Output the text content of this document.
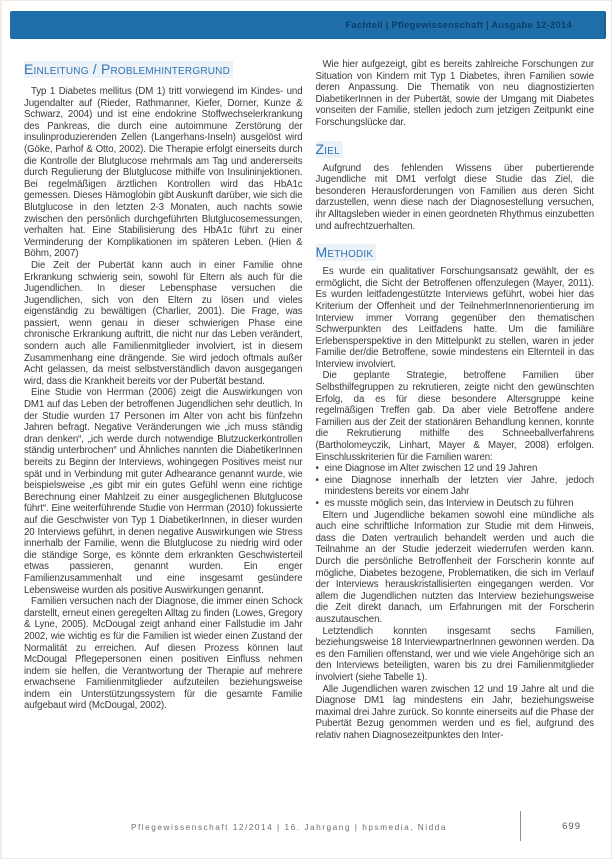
Fachteil | Pflegewissenschaft | Ausgabe 12-2014
Einleitung / Problemhintergrund

Typ 1 Diabetes mellitus (DM 1) tritt vorwiegend im Kindes- und Jugendalter auf (Rieder, Rathmanner, Kiefer, Dorner, Kunze & Schwarz, 2004) und ist eine endokrine Stoffwechselerkrankung des Pankreas, die durch eine autoimmune Zerstörung der insulinproduzierenden Zellen (Langerhans-Inseln) ausgelöst wird (Göke, Parhof & Otto, 2002). Die Therapie erfolgt einerseits durch die Kontrolle der Blutglucose mehrmals am Tag und andererseits durch Regulierung der Blutglucose mithilfe von Insulininjektionen. Bei regelmäßigen ärztlichen Kontrollen wird das HbA1c gemessen. Dieses Hämoglobin gibt Auskunft darüber, wie sich die Blutglucose in den letzten 2-3 Monaten, auch nachts sowie zwischen den persönlich durchgeführten Blutglucosemessungen, verhalten hat. Eine Stabilisierung des HbA1c führt zu einer Verminderung der Komplikationen im späteren Leben. (Hien & Böhm, 2007)

Die Zeit der Pubertät kann auch in einer Familie ohne Erkrankung schwierig sein, sowohl für Eltern als auch für die Jugendlichen. In dieser Lebensphase versuchen die Jugendlichen, sich von den Eltern zu lösen und vieles eigenständig zu bewältigen (Charlier, 2001). Die Frage, was passiert, wenn genau in dieser schwierigen Phase eine chronische Erkrankung auftritt, die nicht nur das Leben verändert, sondern auch alle Familienmitglieder involviert, ist in diesem Zusammenhang eine drängende. Sie wird jedoch oftmals außer Acht gelassen, da meist selbstverständlich davon ausgegangen wird, dass die Krankheit bereits vor der Pubertät bestand.

Eine Studie von Herrman (2006) zeigt die Auswirkungen von DM1 auf das Leben der betroffenen Jugendlichen sehr deutlich. In der Studie wurden 17 Personen im Alter von acht bis fünfzehn Jahren befragt. Negative Veränderungen wie „ich muss ständig dran denken“, „ich werde durch notwendige Blutzuckerkontrollen ständig unterbrochen“ und Ähnliches nannten die DiabetikerInnen bereits zu Beginn der Interviews, wohingegen Positives meist nur spät und in Verbindung mit guter Adhearance genannt wurde, wie beispielsweise „es gibt mir ein gutes Gefühl wenn eine richtige Berechnung einer Mahlzeit zu einer ausgeglichenen Blutglucose führt“. Eine weiterführende Studie von Herrman (2010) fokussierte auf die Geschwister von Typ 1 DiabetikerInnen, in dieser wurden 20 Interviews geführt, in denen negative Auswirkungen wie Stress innerhalb der Familie, wenn die Blutglucose zu niedrig wird oder die ständige Sorge, es könnte dem erkrankten Geschwisterteil etwas passieren, genannt wurden. Ein enger Familienzusammenhalt und eine insgesamt gesündere Lebensweise wurden als positive Auswirkungen genannt.

Familien versuchen nach der Diagnose, die immer einen Schock darstellt, erneut einen geregelten Alltag zu finden (Lowes, Gregory & Lyne, 2005). McDougal zeigt anhand einer Fallstudie im Jahr 2002, wie wichtig es für die Familien ist wieder einen Zustand der Normalität zu erreichen. Auf diesen Prozess können laut McDougal Pflegepersonen einen positiven Einfluss nehmen indem sie helfen, die Verantwortung der Therapie auf mehrere erwachsene Familienmitglieder aufzuteilen beziehungsweise indem ein Unterstützungssystem für die gesamte Familie aufgebaut wird (McDougal, 2002).

Wie hier aufgezeigt, gibt es bereits zahlreiche Forschungen zur Situation von Kindern mit Typ 1 Diabetes, ihren Familien sowie deren Anpassung. Die Thematik von neu diagnostizierten DiabetikerInnen in der Pubertät, sowie der Umgang mit Diabetes vonseiten der Familie, stellen jedoch zum jetzigen Zeitpunkt eine Forschungslücke dar.

Ziel

Aufgrund des fehlenden Wissens über pubertierende Jugendliche mit DM1 verfolgt diese Studie das Ziel, die besonderen Herausforderungen von Familien aus deren Sicht darzustellen, wenn diese nach der Diagnosestellung versuchen, ihr Alltagsleben wieder in einen geordneten Rhythmus einzubetten und aufrechtzuerhalten.

Methodik

Es wurde ein qualitativer Forschungsansatz gewählt, der es ermöglicht, die Sicht der Betroffenen offenzulegen (Mayer, 2011). Es wurden leitfadengestützte Interviews geführt, wobei hier das Kriterium der Offenheit und der TeilnehmerInnenorientierung im Interview immer Vorrang gegenüber den thematischen Schwerpunkten des Leitfadens hatte. Um die familiäre Erlebensperspektive in den Mittelpunkt zu stellen, waren in jeder Familie der/die Betroffene, sowie mindestens ein Elternteil in das Interview involviert.

Die geplante Strategie, betroffene Familien über Selbsthilfegruppen zu rekrutieren, zeigte nicht den gewünschten Erfolg, da es für diese besondere Altersgruppe keine regelmäßigen Treffen gab. Da aber viele Betroffene andere Familien aus der Zeit der stationären Behandlung kennen, konnte die Rekrutierung mithilfe des Schneeballverfahrens (Bartholomeyczik, Linhart, Mayer & Mayer, 2008) erfolgen. Einschlusskriterien für die Familien waren:

• eine Diagnose im Alter zwischen 12 und 19 Jahren
• eine Diagnose innerhalb der letzten vier Jahre, jedoch mindestens bereits vor einem Jahr
• es musste möglich sein, das Interview in Deutsch zu führen

Eltern und Jugendliche bekamen sowohl eine mündliche als auch eine schriftliche Information zur Studie mit dem Hinweis, dass die Daten vertraulich behandelt werden und auch die Teilnahme an der Studie jederzeit wiederrufen werden kann. Durch die persönliche Betroffenheit der Forscherin konnte auf mögliche, Diabetes bezogene, Problematiken, die sich im Verlauf der Interviews herauskristallisierten eingegangen werden. Vor allem die Jugendlichen nutzten das Interview beziehungsweise die Zeit direkt danach, um Erfahrungen mit der Forscherin auszutauschen.

Letztendlich konnten insgesamt sechs Familien, beziehungsweise 18 InterviewpartnerInnen gewonnen werden. Da es den Familien offenstand, wer und wie viele Angehörige sich an den Interviews beteiligten, waren bis zu drei Familienmitglieder involviert (siehe Tabelle 1).

Alle Jugendlichen waren zwischen 12 und 19 Jahre alt und die Diagnose DM1 lag mindestens ein Jahr, beziehungsweise maximal drei Jahre zurück. So konnte einerseits auf die Phase der Pubertät Bezug genommen werden und es fiel, aufgrund des relativ nahen Diagnosezeitpunktes den Inter-

Pflegewissenschaft 12/2014 | 16. Jahrgang | hpsmedia, Nidda	699
